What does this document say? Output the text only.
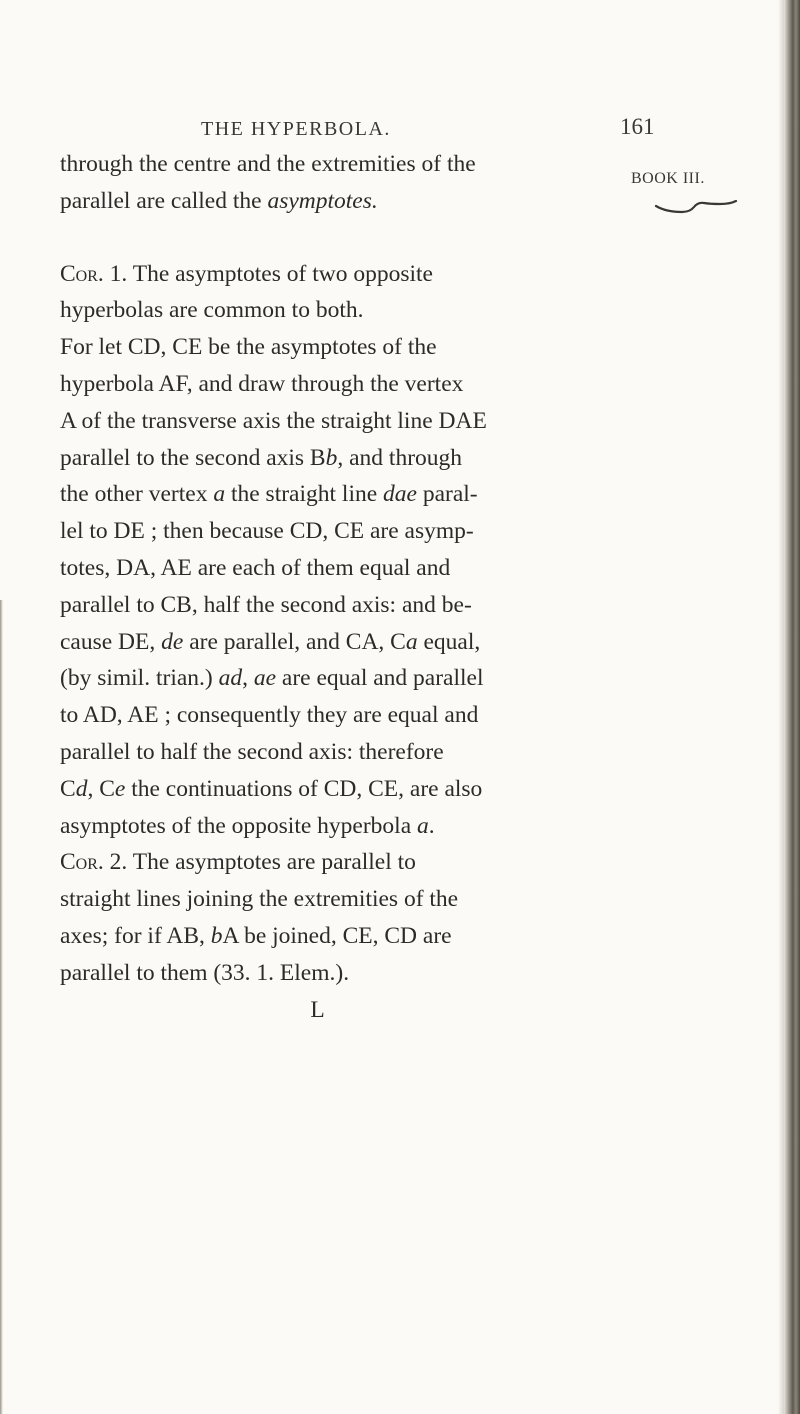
THE HYPERBOLA.	161
BOOK III.
through the centre and the extremities of the
parallel are called the asymptotes.
Cor. 1. The asymptotes of two opposite
hyperbolas are common to both.
For let CD, CE be the asymptotes of the
hyperbola AF, and draw through the vertex
A of the transverse axis the straight line DAE
parallel to the second axis Bb, and through
the other vertex a the straight line dae paral-
lel to DE ; then because CD, CE are asymp-
totes, DA, AE are each of them equal and
parallel to CB, half the second axis: and be-
cause DE, de are parallel, and CA, Ca equal,
(by simil. trian.) ad, ae are equal and parallel
to AD, AE ; consequently they are equal and
parallel to half the second axis: therefore
Cd, Ce the continuations of CD, CE, are also
asymptotes of the opposite hyperbola a.
Cor. 2. The asymptotes are parallel to
straight lines joining the extremities of the
axes; for if AB, bA be joined, CE, CD are
parallel to them (33. 1. Elem.).
L
